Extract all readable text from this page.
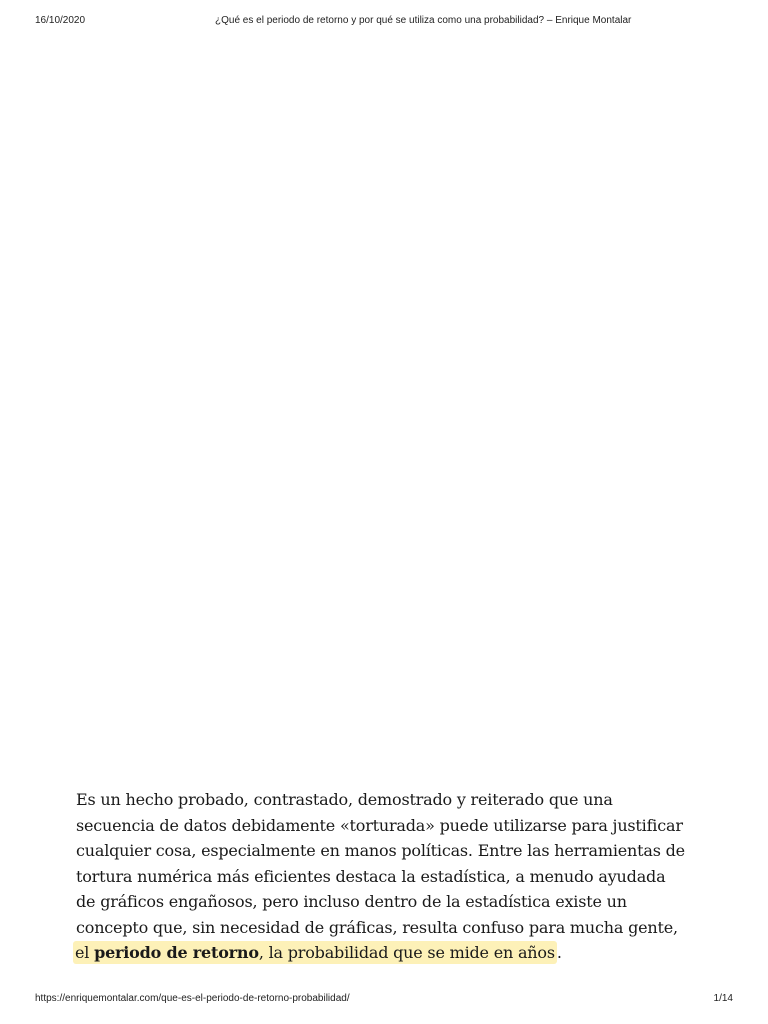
16/10/2020	¿Qué es el periodo de retorno y por qué se utiliza como una probabilidad? – Enrique Montalar
Es un hecho probado, contrastado, demostrado y reiterado que una
secuencia de datos debidamente «torturada» puede utilizarse para justificar
cualquier cosa, especialmente en manos políticas. Entre las herramientas de
tortura numérica más eficientes destaca la estadística, a menudo ayudada
de gráficos engañosos, pero incluso dentro de la estadística existe un
concepto que, sin necesidad de gráficas, resulta confuso para mucha gente,
el periodo de retorno, la probabilidad que se mide en años .
https://enriquemontalar.com/que-es-el-periodo-de-retorno-probabilidad/	1/14
